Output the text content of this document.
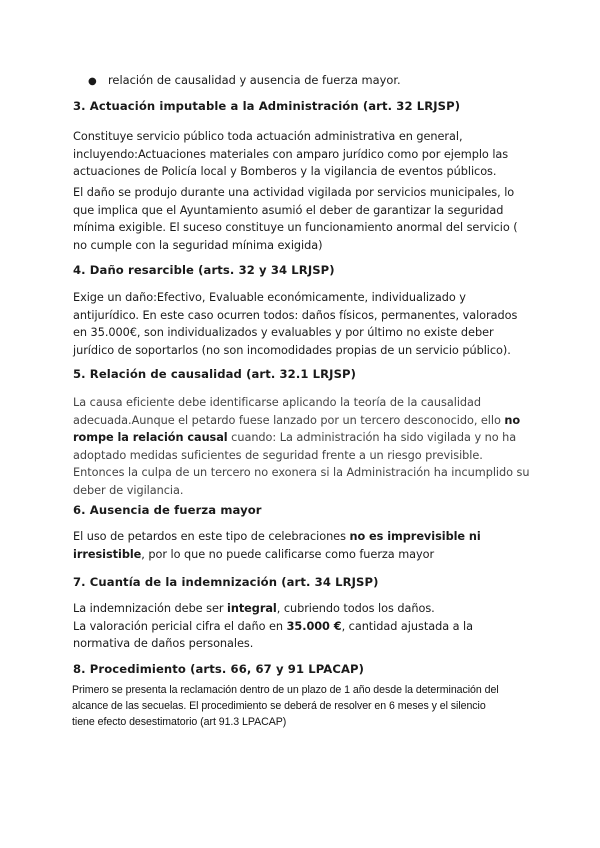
● relación de causalidad y ausencia de fuerza mayor.

3. Actuación imputable a la Administración (art. 32 LRJSP)

Constituye servicio público toda actuación administrativa en general,
incluyendo:Actuaciones materiales con amparo jurídico como por ejemplo las
actuaciones de Policía local y Bomberos y la vigilancia de eventos públicos.

El daño se produjo durante una actividad vigilada por servicios municipales, lo
que implica que el Ayuntamiento asumió el deber de garantizar la seguridad
mínima exigible. El suceso constituye un funcionamiento anormal del servicio (
no cumple con la seguridad mínima exigida)

4. Daño resarcible (arts. 32 y 34 LRJSP)

Exige un daño:Efectivo, Evaluable económicamente, individualizado y
antijurídico. En este caso ocurren todos: daños físicos, permanentes, valorados
en 35.000€, son individualizados y evaluables y por último no existe deber
jurídico de soportarlos (no son incomodidades propias de un servicio público).

5. Relación de causalidad (art. 32.1 LRJSP)

La causa eficiente debe identificarse aplicando la teoría de la causalidad
adecuada.Aunque el petardo fuese lanzado por un tercero desconocido, ello no
rompe la relación causal cuando: La administración ha sido vigilada y no ha
adoptado medidas suficientes de seguridad frente a un riesgo previsible.
Entonces la culpa de un tercero no exonera si la Administración ha incumplido su
deber de vigilancia.

6. Ausencia de fuerza mayor

El uso de petardos en este tipo de celebraciones no es imprevisible ni
irresistible, por lo que no puede calificarse como fuerza mayor

7. Cuantía de la indemnización (art. 34 LRJSP)

La indemnización debe ser integral, cubriendo todos los daños.
La valoración pericial cifra el daño en 35.000 €, cantidad ajustada a la
normativa de daños personales.

8. Procedimiento (arts. 66, 67 y 91 LPACAP)

Primero se presenta la reclamación dentro de un plazo de 1 año desde la determinación del
alcance de las secuelas. El procedimiento se deberá de resolver en 6 meses y el silencio
tiene efecto desestimatorio (art 91.3 LPACAP)
